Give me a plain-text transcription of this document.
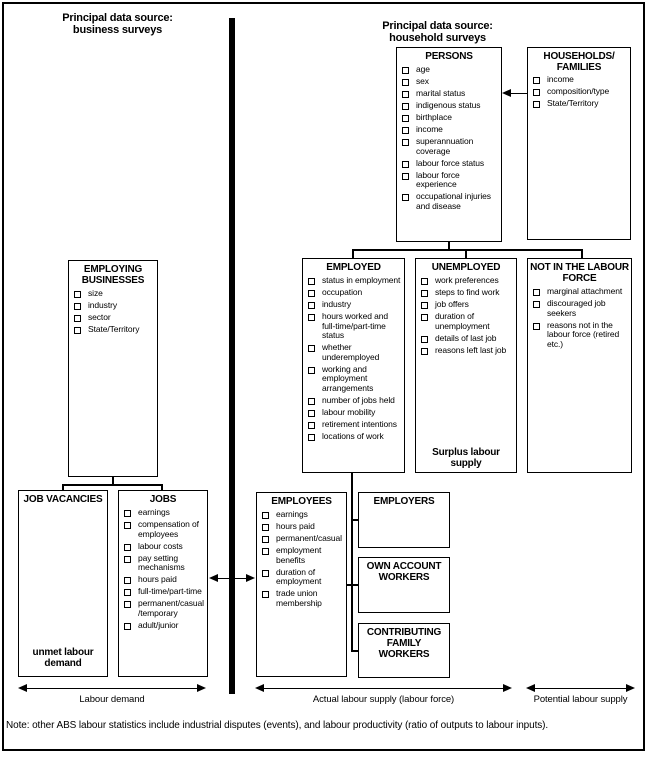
Principal data source:
business surveys	Principal data source:
household surveys
PERSONS
age
sex
marital status
indigenous status
birthplace
income
superannuation coverage
labour force status
labour force experience
occupational injuries and disease
HOUSEHOLDS/
FAMILIES
income
composition/type
State/Territory
EMPLOYING BUSINESSES
size
industry
sector
State/Territory
EMPLOYED
status in employment
occupation
industry
hours worked and full-time/part-time status
whether underemployed
working and employment arrangements
number of jobs held
labour mobility
retirement intentions
locations of work
UNEMPLOYED
work preferences
steps to find work
job offers
duration of unemployment
details of last job
reasons left last job
Surplus labour supply
NOT IN THE LABOUR FORCE
marginal attachment
discouraged job seekers
reasons not in the labour force (retired etc.)
JOB VACANCIES
unmet labour demand
JOBS
earnings
compensation of employees
labour costs
pay setting mechanisms
hours paid
full-time/part-time
permanent/casual/temporary
adult/junior
EMPLOYEES
earnings
hours paid
permanent/casual
employment benefits
duration of employment
trade union membership
EMPLOYERS
OWN ACCOUNT WORKERS
CONTRIBUTING FAMILY WORKERS
Labour demand	Actual labour supply (labour force)	Potential labour supply
Note: other ABS labour statistics include industrial disputes (events), and labour productivity (ratio of outputs to labour inputs).
